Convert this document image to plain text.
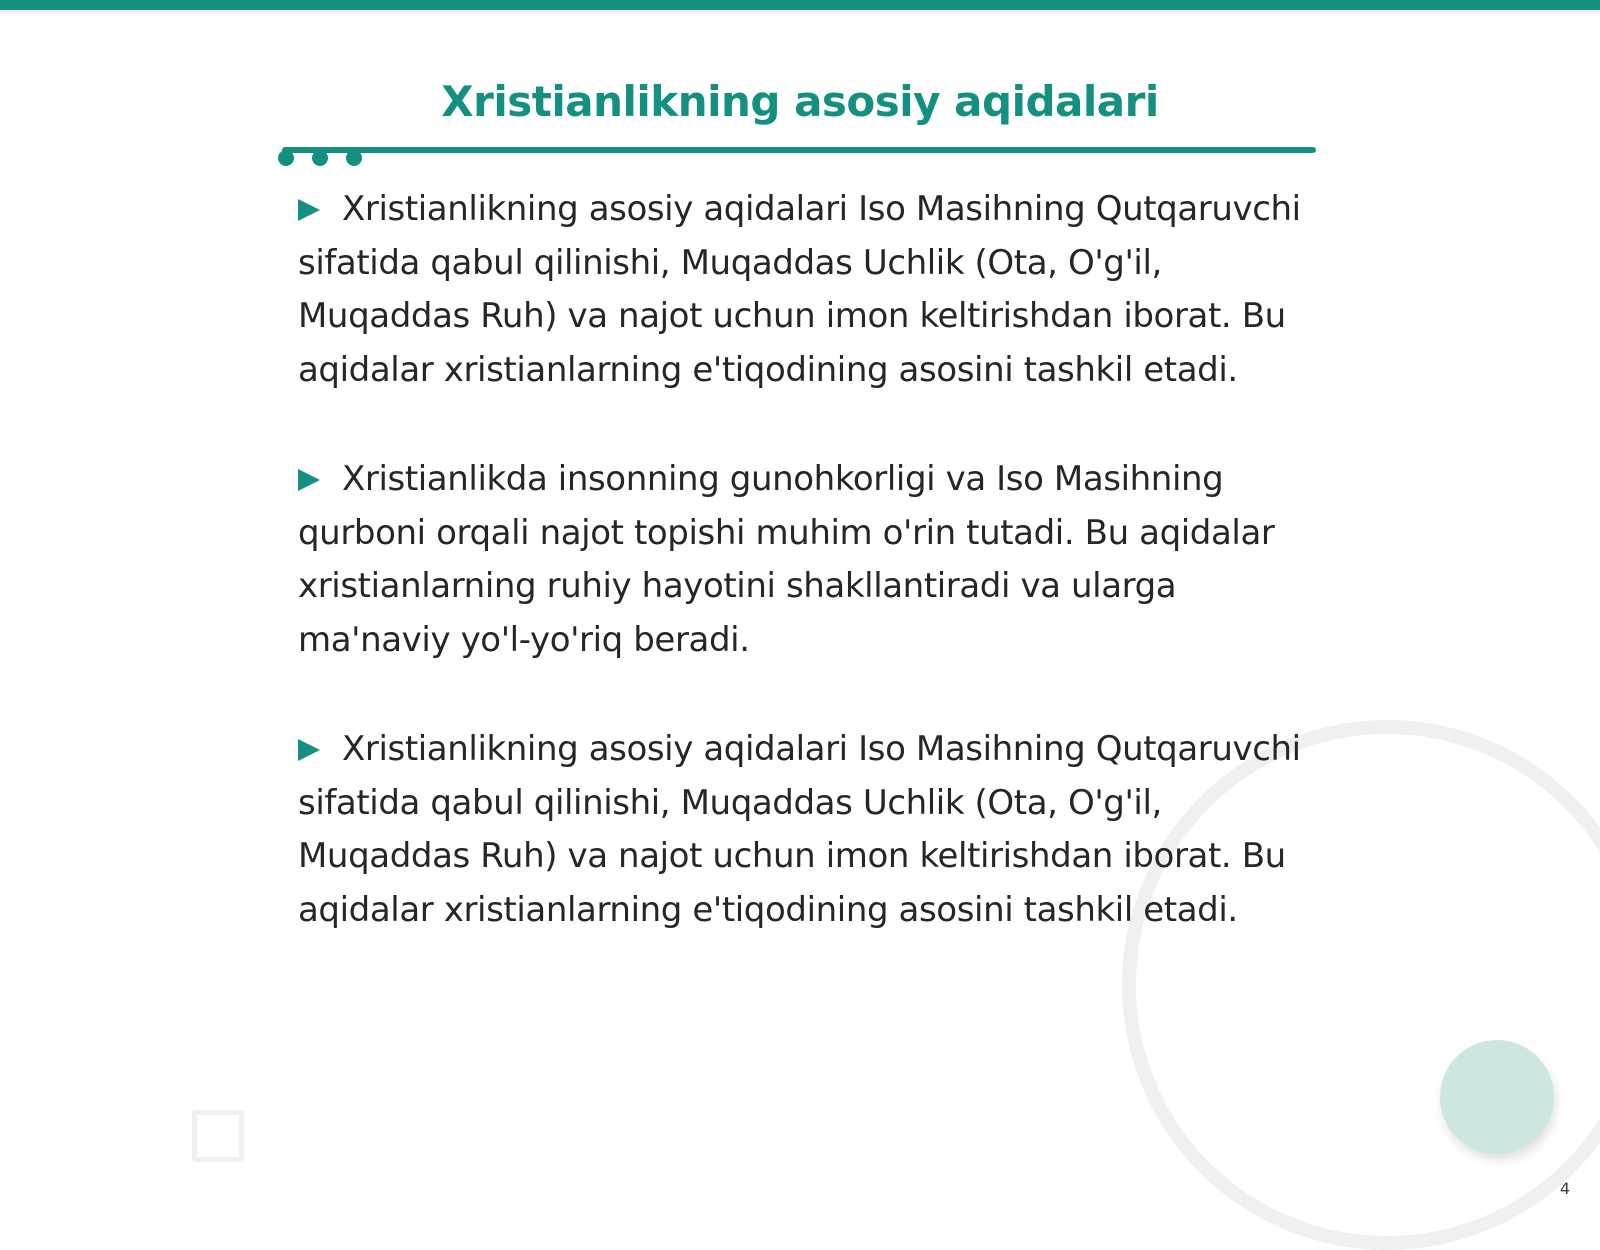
Xristianlikning asosiy aqidalari

Xristianlikning asosiy aqidalari Iso Masihning Qutqaruvchi sifatida qabul qilinishi, Muqaddas Uchlik (Ota, O'g'il, Muqaddas Ruh) va najot uchun imon keltirishdan iborat. Bu aqidalar xristianlarning e'tiqodining asosini tashkil etadi.

Xristianlikda insonning gunohkorligi va Iso Masihning qurboni orqali najot topishi muhim o'rin tutadi. Bu aqidalar xristianlarning ruhiy hayotini shakllantiradi va ularga ma'naviy yo'l-yo'riq beradi.

Xristianlikning asosiy aqidalari Iso Masihning Qutqaruvchi sifatida qabul qilinishi, Muqaddas Uchlik (Ota, O'g'il, Muqaddas Ruh) va najot uchun imon keltirishdan iborat. Bu aqidalar xristianlarning e'tiqodining asosini tashkil etadi.

4
